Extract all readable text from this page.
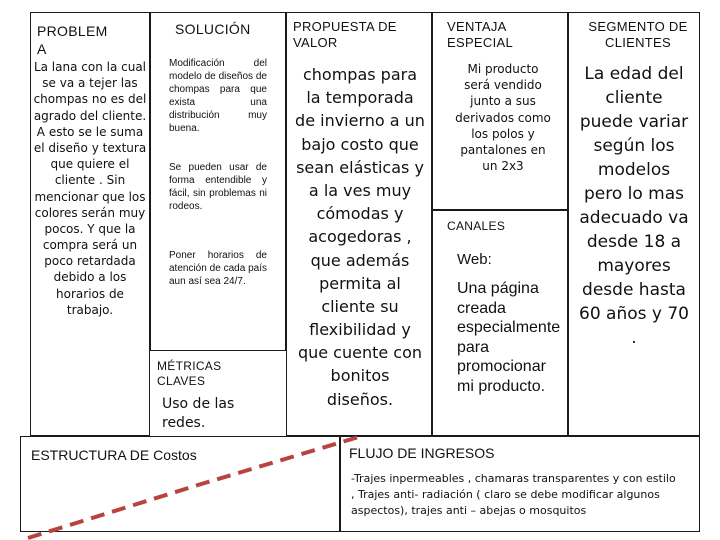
PROBLEM A
La lana con la cual se va a tejer las chompas no es del agrado del cliente. A esto se le suma el diseño y textura que quiere el cliente . Sin mencionar que los colores serán muy pocos. Y que la compra será un poco retardada debido a los horarios de trabajo.
SOLUCIÓN
Modificación del modelo de diseños de chompas para que exista una distribución muy buena.
Se pueden usar de forma entendible y fácil, sin problemas ni rodeos.
Poner horarios de atención de cada país aun así sea 24/7.
MÉTRICAS CLAVES
Uso de las redes.
PROPUESTA DE VALOR
chompas para la temporada de invierno a un bajo costo que sean elásticas y a la ves muy cómodas y acogedoras , que además permita al cliente su flexibilidad y que cuente con bonitos diseños.
VENTAJA ESPECIAL
Mi producto será vendido junto a sus derivados como los polos y pantalones en un 2x3
CANALES
Web:
Una página creada especialmente para promocionar mi producto.
SEGMENTO DE CLIENTES
La edad del cliente puede variar según los modelos pero lo mas adecuado va desde 18 a mayores desde hasta 60 años y 70 .
ESTRUCTURA DE Costos	FLUJO DE INGRESOS
-Trajes inpermeables , chamaras transparentes y con estilo , Trajes anti- radiación ( claro se debe modificar algunos aspectos), trajes anti – abejas o mosquitos
